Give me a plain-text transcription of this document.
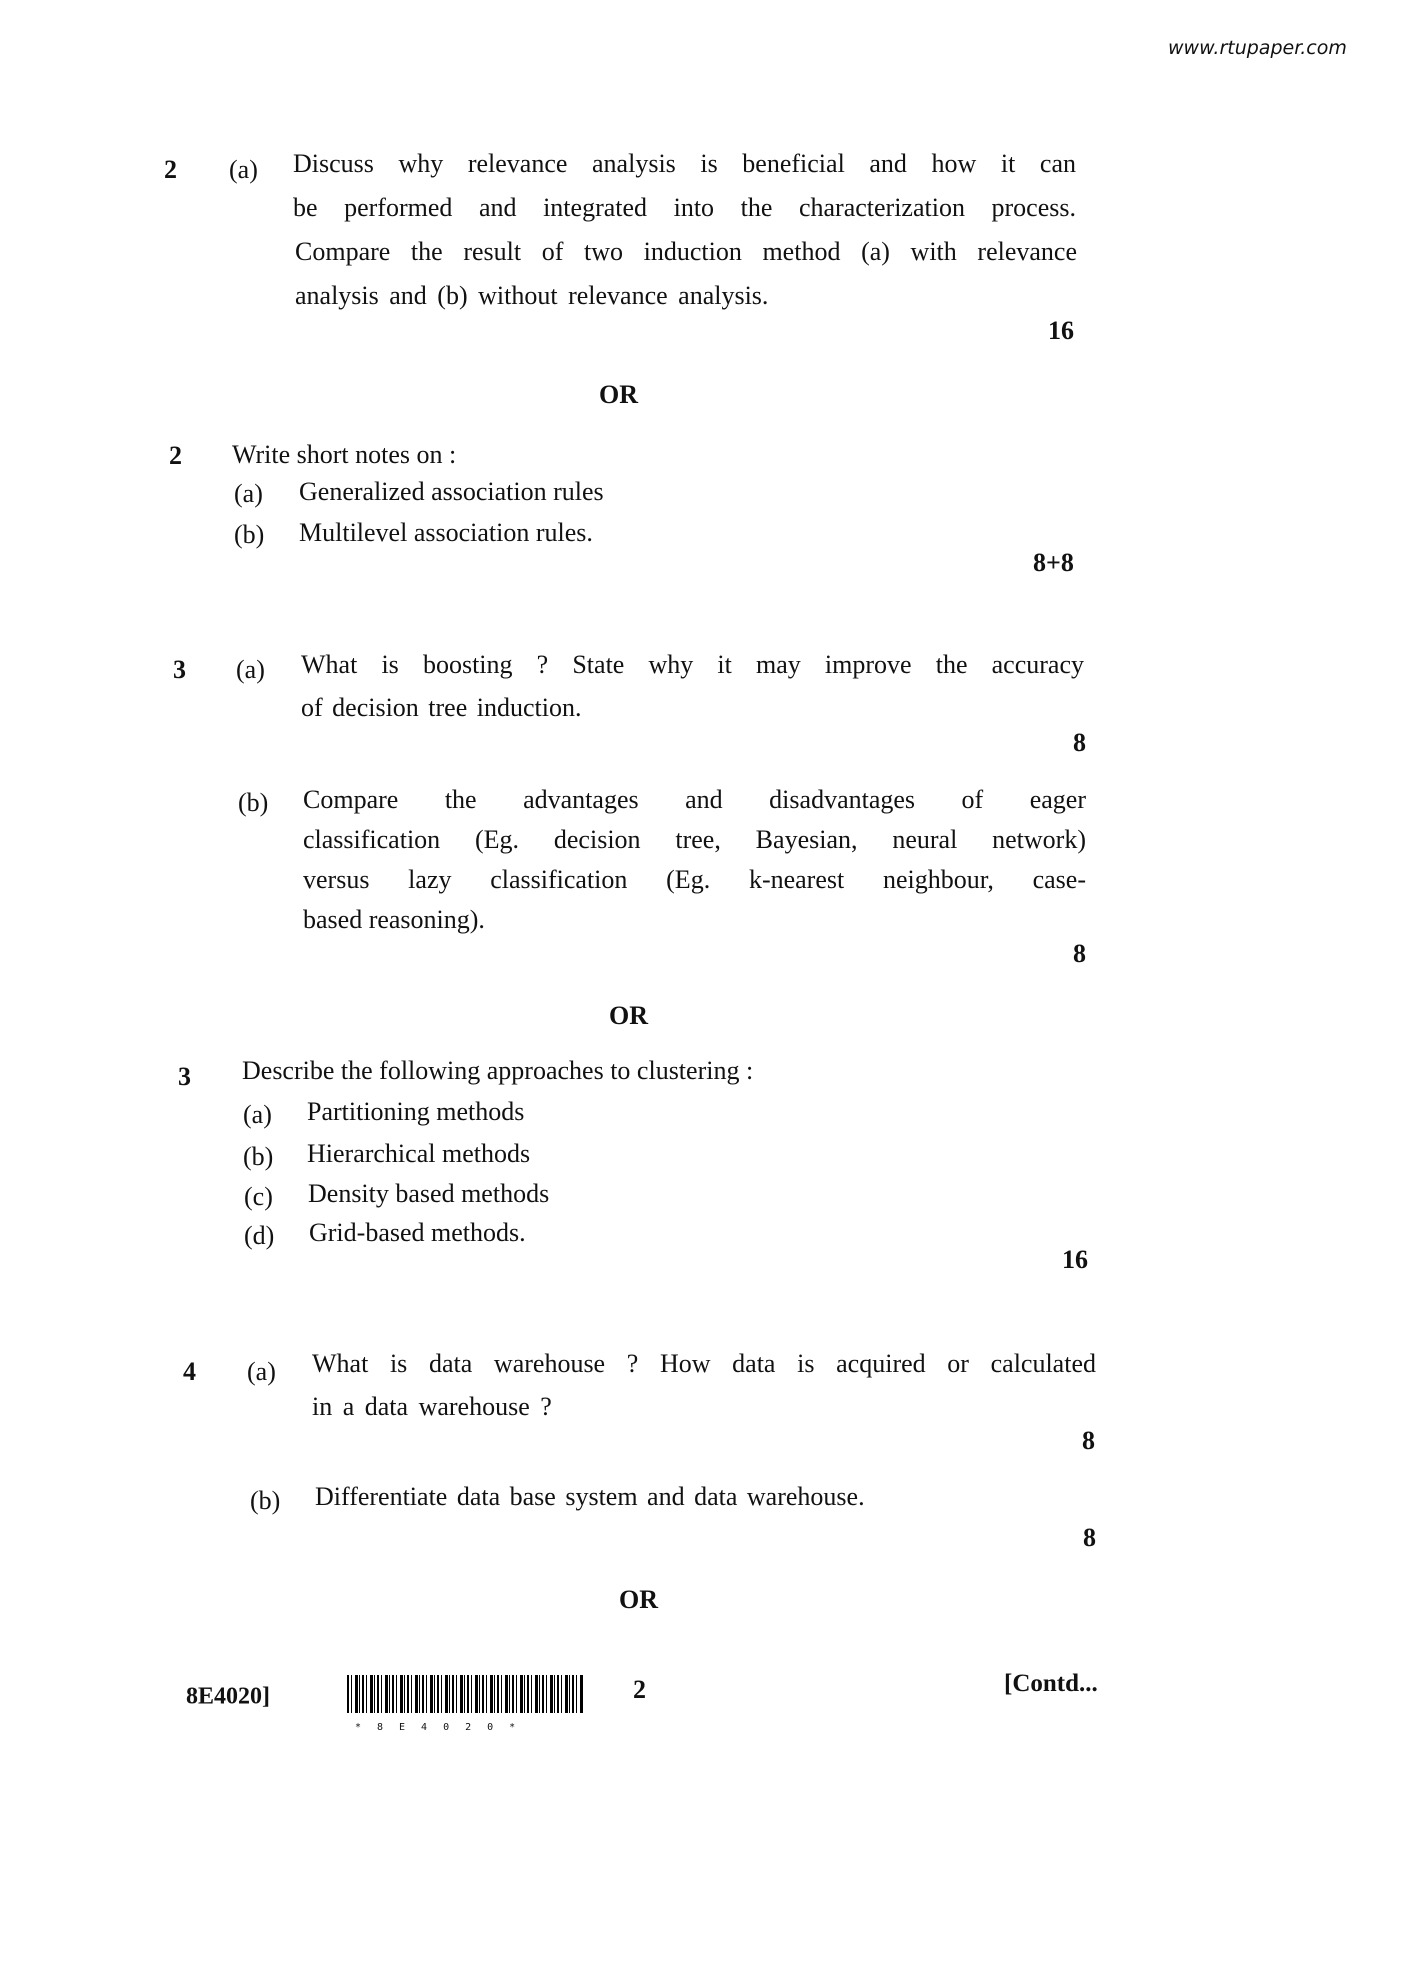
www.rtupaper.com
2 (a) Discuss why relevance analysis is beneficial and how it can
be performed and integrated into the characterization process.
Compare the result of two induction method (a) with relevance
analysis and (b) without relevance analysis.
16
OR
2 Write short notes on :
(a) Generalized association rules
(b) Multilevel association rules.
8+8
3 (a) What is boosting ? State why it may improve the accuracy
of decision tree induction.
8
(b) Compare the advantages and disadvantages of eager
classification (Eg. decision tree, Bayesian, neural network)
versus lazy classification (Eg. k-nearest neighbour, case-
based reasoning).
8
OR
3 Describe the following approaches to clustering :
(a) Partitioning methods
(b) Hierarchical methods
(c) Density based methods
(d) Grid-based methods.
16
4 (a) What is data warehouse ? How data is acquired or calculated
in a data warehouse ?
8
(b) Differentiate data base system and data warehouse.
8
OR
8E4020]
*8E4020*
2	[Contd...
